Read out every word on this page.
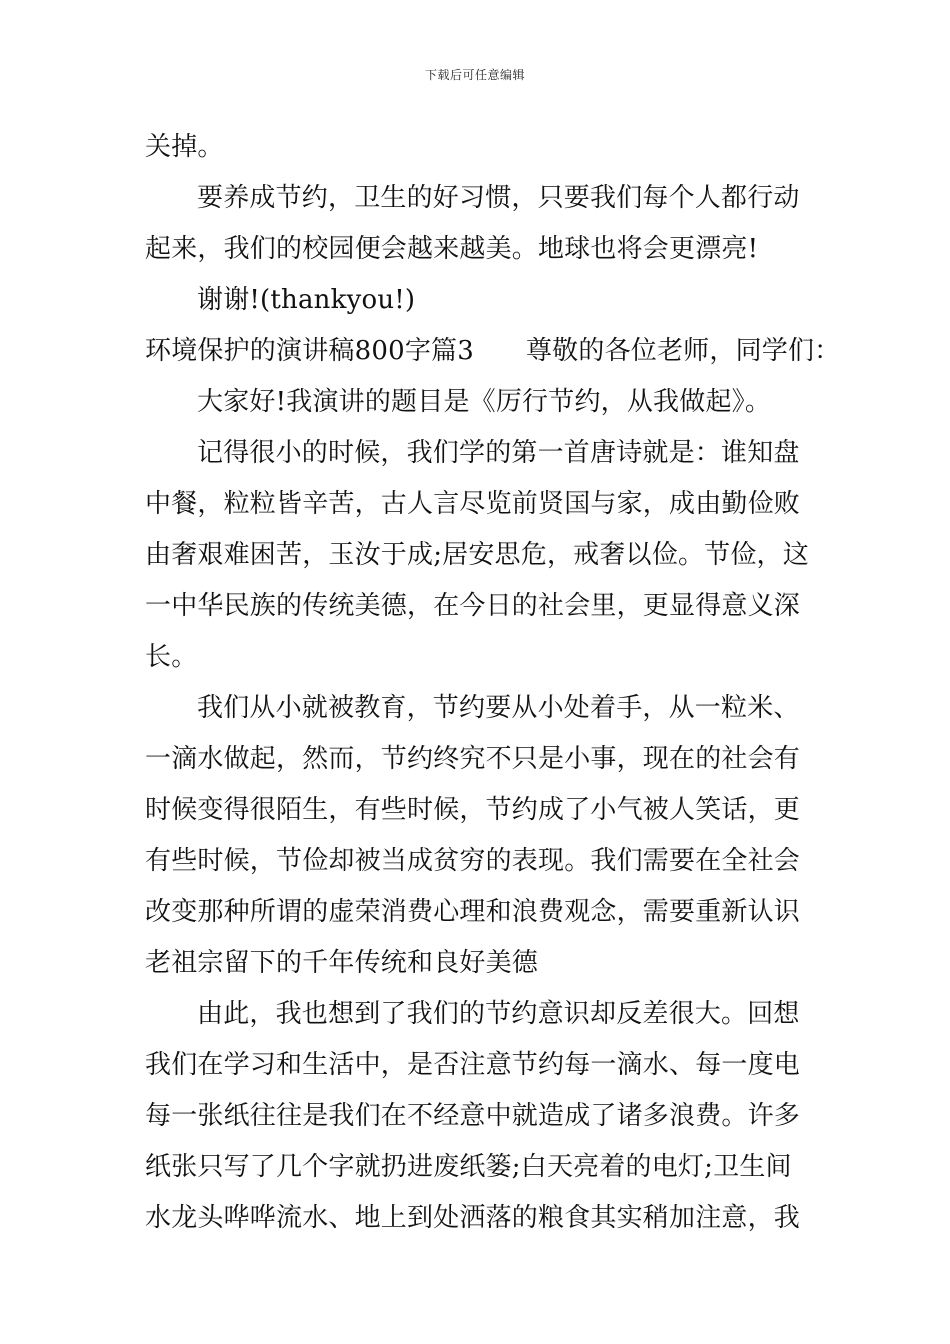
下载后可任意编辑
关掉。
要养成节约，卫生的好习惯，只要我们每个人都行动
起来，我们的校园便会越来越美。地球也将会更漂亮!
谢谢!(thankyou!)
环境保护的演讲稿800字篇3 尊敬的各位老师，同学们：
大家好!我演讲的题目是《厉行节约，从我做起》。
记得很小的时候，我们学的第一首唐诗就是：谁知盘
中餐，粒粒皆辛苦，古人言尽览前贤国与家，成由勤俭败
由奢艰难困苦，玉汝于成;居安思危，戒奢以俭。节俭，这
一中华民族的传统美德，在今日的社会里，更显得意义深
长。
我们从小就被教育，节约要从小处着手，从一粒米、
一滴水做起，然而，节约终究不只是小事，现在的社会有
时候变得很陌生，有些时候，节约成了小气被人笑话，更
有些时候，节俭却被当成贫穷的表现。我们需要在全社会
改变那种所谓的虚荣消费心理和浪费观念，需要重新认识
老祖宗留下的千年传统和良好美德
由此，我也想到了我们的节约意识却反差很大。回想
我们在学习和生活中，是否注意节约每一滴水、每一度电
每一张纸往往是我们在不经意中就造成了诸多浪费。许多
纸张只写了几个字就扔进废纸篓;白天亮着的电灯;卫生间
水龙头哗哗流水、地上到处洒落的粮食其实稍加注意，我
